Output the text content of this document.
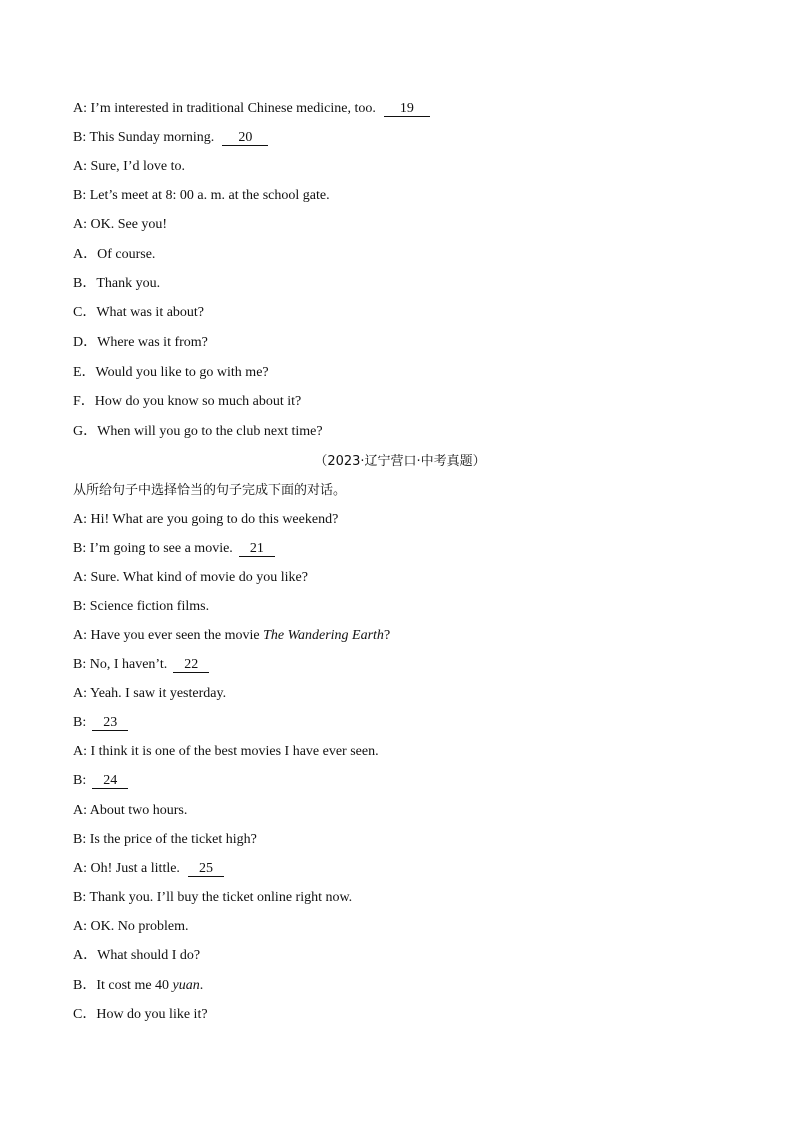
A: I’m interested in traditional Chinese medicine, too. 19
B: This Sunday morning. 20
A: Sure, I’d love to.
B: Let’s meet at 8: 00 a. m. at the school gate.
A: OK. See you!
A．Of course.
B．Thank you.
C．What was it about?
D．Where was it from?
E．Would you like to go with me?
F．How do you know so much about it?
G．When will you go to the club next time?
（2023·辽宁营口·中考真题）
从所给句子中选择恰当的句子完成下面的对话。
A: Hi! What are you going to do this weekend?
B: I’m going to see a movie. 21
A: Sure. What kind of movie do you like?
B: Science fiction films.
A: Have you ever seen the movie The Wandering Earth?
B: No, I haven’t. 22
A: Yeah. I saw it yesterday.
B: 23
A: I think it is one of the best movies I have ever seen.
B: 24
A: About two hours.
B: Is the price of the ticket high?
A: Oh! Just a little. 25
B: Thank you. I’ll buy the ticket online right now.
A: OK. No problem.
A．What should I do?
B．It cost me 40 yuan.
C．How do you like it?
